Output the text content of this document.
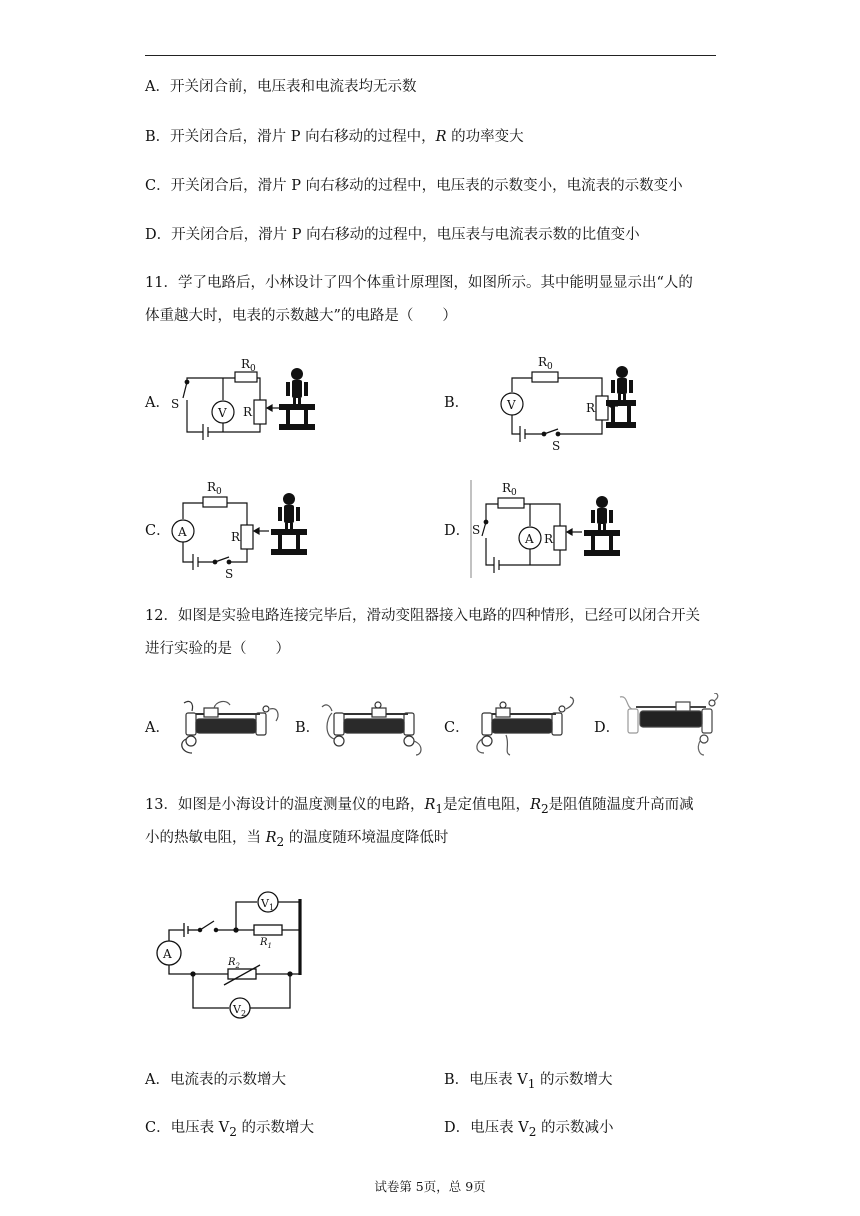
A．开关闭合前，电压表和电流表均无示数
B．开关闭合后，滑片 P 向右移动的过程中，R 的功率变大
C．开关闭合后，滑片 P 向右移动的过程中，电压表的示数变小，电流表的示数变小
D．开关闭合后，滑片 P 向右移动的过程中，电压表与电流表示数的比值变小
11．学了电路后，小林设计了四个体重计原理图，如图所示。其中能明显显示出“人的
体重越大时，电表的示数越大”的电路是（　　）
A．	B．
C．	D．
$R_0$
S
V R
$R_0$
V
S
R
$R_0$
A
S
R
$R_0$
S
A R
12．如图是实验电路连接完毕后，滑动变阻器接入电路的四种情形，已经可以闭合开关
进行实验的是（　　）
A．	B．	C．	D．
13．如图是小海设计的温度测量仪的电路，$R_1$是定值电阻，$R_2$是阻值随温度升高而减
小的热敏电阻，当 $R_2$ 的温度随环境温度降低时
$V_1$
$R_1$
A
$R_2$
$V_2$
A．电流表的示数增大	B．电压表 $V_1$ 的示数增大
C．电压表 $V_2$ 的示数增大	D．电压表 $V_2$ 的示数减小
试卷第 5页，总 9页
